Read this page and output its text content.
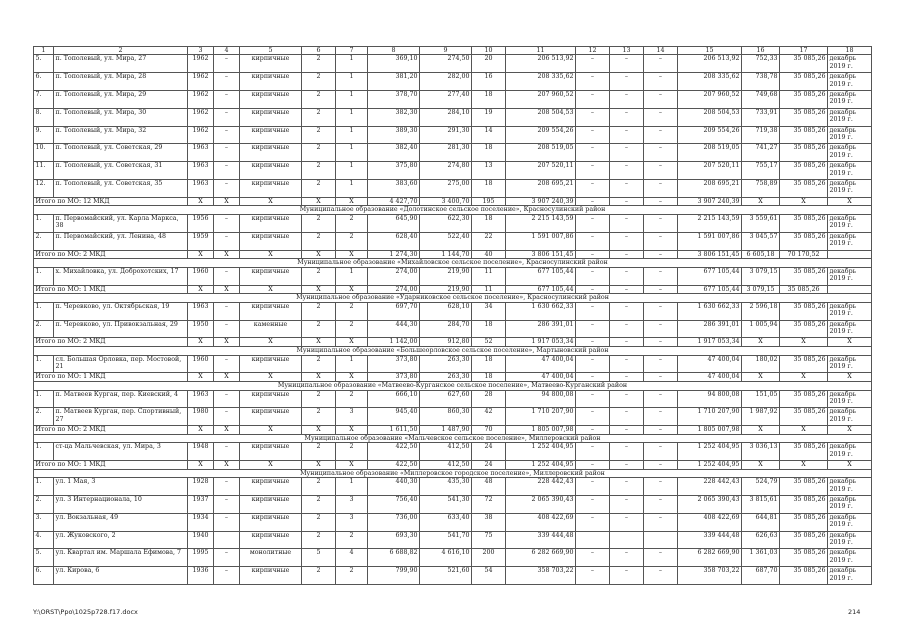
1	2	3	4	5	6	7	8	9	10	11	12	13	14	15	16	17	18
5.	п. Тополевый, ул. Мира, 27	1962	–	кирпичные	2	1	369,10	274,50	20	206 513,92	–	–	–	206 513,92	752,33	35 085,26	декабрь 2019 г.
6.	п. Тополевый, ул. Мира, 28	1962	–	кирпичные	2	1	381,20	282,00	16	208 335,62	–	–	–	208 335,62	738,78	35 085,26	декабрь 2019 г.
7.	п. Тополевый, ул. Мира, 29	1962	–	кирпичные	2	1	378,70	277,40	18	207 960,52	–	–	–	207 960,52	749,68	35 085,26	декабрь 2019 г.
8.	п. Тополевый, ул. Мира, 30	1962	–	кирпичные	2	1	382,30	284,10	19	208 504,53	–	–	–	208 504,53	733,91	35 085,26	декабрь 2019 г.
9.	п. Тополевый, ул. Мира, 32	1962	–	кирпичные	2	1	389,30	291,30	14	209 554,26	–	–	–	209 554,26	719,38	35 085,26	декабрь 2019 г.
10.	п. Тополевый, ул. Советская, 29	1963	–	кирпичные	2	1	382,40	281,30	18	208 519,05	–	–	–	208 519,05	741,27	35 085,26	декабрь 2019 г.
11.	п. Тополевый, ул. Советская, 31	1963	–	кирпичные	2	1	375,80	274,80	13	207 520,11	–	–	–	207 520,11	755,17	35 085,26	декабрь 2019 г.
12.	п. Тополевый, ул. Советская, 35	1963	–	кирпичные	2	1	383,60	275,00	18	208 695,21	–	–	–	208 695,21	758,89	35 085,26	декабрь 2019 г.
Итого по МО: 12 МКД		X	X	X	X	X	4 427,70	3 400,70	195	3 907 240,39	–	–	–	3 907 240,39	X	X	X
Муниципальное образование «Долотинское сельское поселение», Красносулинский район																	
1.	п. Первомайский, ул. Карла Маркса, 38	1956	–	кирпичные	2	2	645,90	622,30	18	2 215 143,59	–	–	–	2 215 143,59	3 559,61	35 085,26	декабрь 2019 г.
2.	п. Первомайский, ул. Ленина, 48	1959	–	кирпичные	2	2	628,40	522,40	22	1 591 007,86	–	–	–	1 591 007,86	3 045,57	35 085,26	декабрь 2019 г.
Итого по МО: 2 МКД		X	X	X	X	X	1 274,30	1 144,70	40	3 806 151,45	–	–	–	3 806 151,45	6 605,18	70 170,52	
Муниципальное образование «Михайловское сельское поселение», Красносулинский район																	
1.	х. Михайловка, ул. Доброхотских, 17	1960	–	кирпичные	2	1	274,00	219,90	11	677 105,44	–	–	–	677 105,44	3 079,15	35 085,26	декабрь 2019 г.
Итого по МО: 1 МКД		X	X	X	X	X	274,00	219,90	11	677 105,44	–	–	–	677 105,44	3 079,15	35 085,26	
Муниципальное образование «Ударниковское сельское поселение», Красносулинский район																	
1.	п. Черевково, ул. Октябрьская, 19	1963	–	кирпичные	2	2	697,70	628,10	34	1 630 662,33	–	–	–	1 630 662,33	2 596,18	35 085,26	декабрь 2019 г.
2.	п. Черевково, ул. Привокзальная, 29	1950	–	каменные	2	2	444,30	284,70	18	286 391,01	–	–	–	286 391,01	1 005,94	35 085,26	декабрь 2019 г.
Итого по МО: 2 МКД		X	X	X	X	X	1 142,00	912,80	52	1 917 053,34	–	–	–	1 917 053,34	X	X	X
Муниципальное образование «Большеорловское сельское поселение», Мартыновский район																	
1.	сл. Большая Орловка, пер. Мостовой, 21	1960	–	кирпичные	2	1	373,80	263,30	18	47 400,04	–	–	–	47 400,04	180,02	35 085,26	декабрь 2019 г.
Итого по МО: 1 МКД		X	X	X	X	X	373,80	263,30	18	47 400,04	–	–	–	47 400,04	X	X	X
Муниципальное образование «Матвеево-Курганское сельское поселение», Матвеево-Курганский район																	
1.	п. Матвеев Курган, пер. Киевский, 4	1963	–	кирпичные	2	2	666,10	627,60	28	94 800,08	–	–	–	94 800,08	151,05	35 085,26	декабрь 2019 г.
2.	п. Матвеев Курган, пер. Спортивный, 27	1980	–	кирпичные	2	3	945,40	860,30	42	1 710 207,90	–	–	–	1 710 207,90	1 987,92	35 085,26	декабрь 2019 г.
Итого по МО: 2 МКД		X	X	X	X	X	1 611,50	1 487,90	70	1 805 007,98	–	–	–	1 805 007,98	X	X	X
Муниципальное образование «Мальчевское сельское поселение», Миллеровский район																	
1.	ст-ца Мальчевская, ул. Мира, 3	1948	–	кирпичные	2	2	422,50	412,50	24	1 252 404,95	–	–	–	1 252 404,95	3 036,13	35 085,26	декабрь 2019 г.
Итого по МО: 1 МКД		X	X	X	X	X	422,50	412,50	24	1 252 404,95	–	–	–	1 252 404,95	X	X	X
Муниципальное образование «Миллеровское городское поселение», Миллеровский район																	
1.	ул. 1 Мая, 3	1928	–	кирпичные	2	1	440,30	435,30	48	228 442,43	–	–	–	228 442,43	524,79	35 085,26	декабрь 2019 г.
2.	ул. 3 Интернационала, 10	1937	–	кирпичные	2	3	756,40	541,30	72	2 065 390,43	–	–	–	2 065 390,43	3 815,61	35 085,26	декабрь 2019 г.
3.	ул. Вокзальная, 49	1934	–	кирпичные	2	3	736,00	633,40	38	408 422,69	–	–	–	408 422,69	644,81	35 085,26	декабрь 2019 г.
4.	ул. Жуковского, 2	1940		кирпичные	2	2	693,30	541,70	75	339 444,48				339 444,48	626,63	35 085,26	декабрь 2019 г.
5.	ул. Квартал им. Маршала Ефимова, 7	1995	–	монолитные	5	4	6 688,82	4 616,10	200	6 282 669,90	–	–	–	6 282 669,90	1 361,03	35 085,26	декабрь 2019 г.
6.	ул. Кирова, 6	1936	–	кирпичные	2	2	799,90	521,60	54	358 703,22	–	–	–	358 703,22	687,70	35 085,26	декабрь 2019 г.
Y:\ORST\Ppo\1025p728.f17.docx	214
